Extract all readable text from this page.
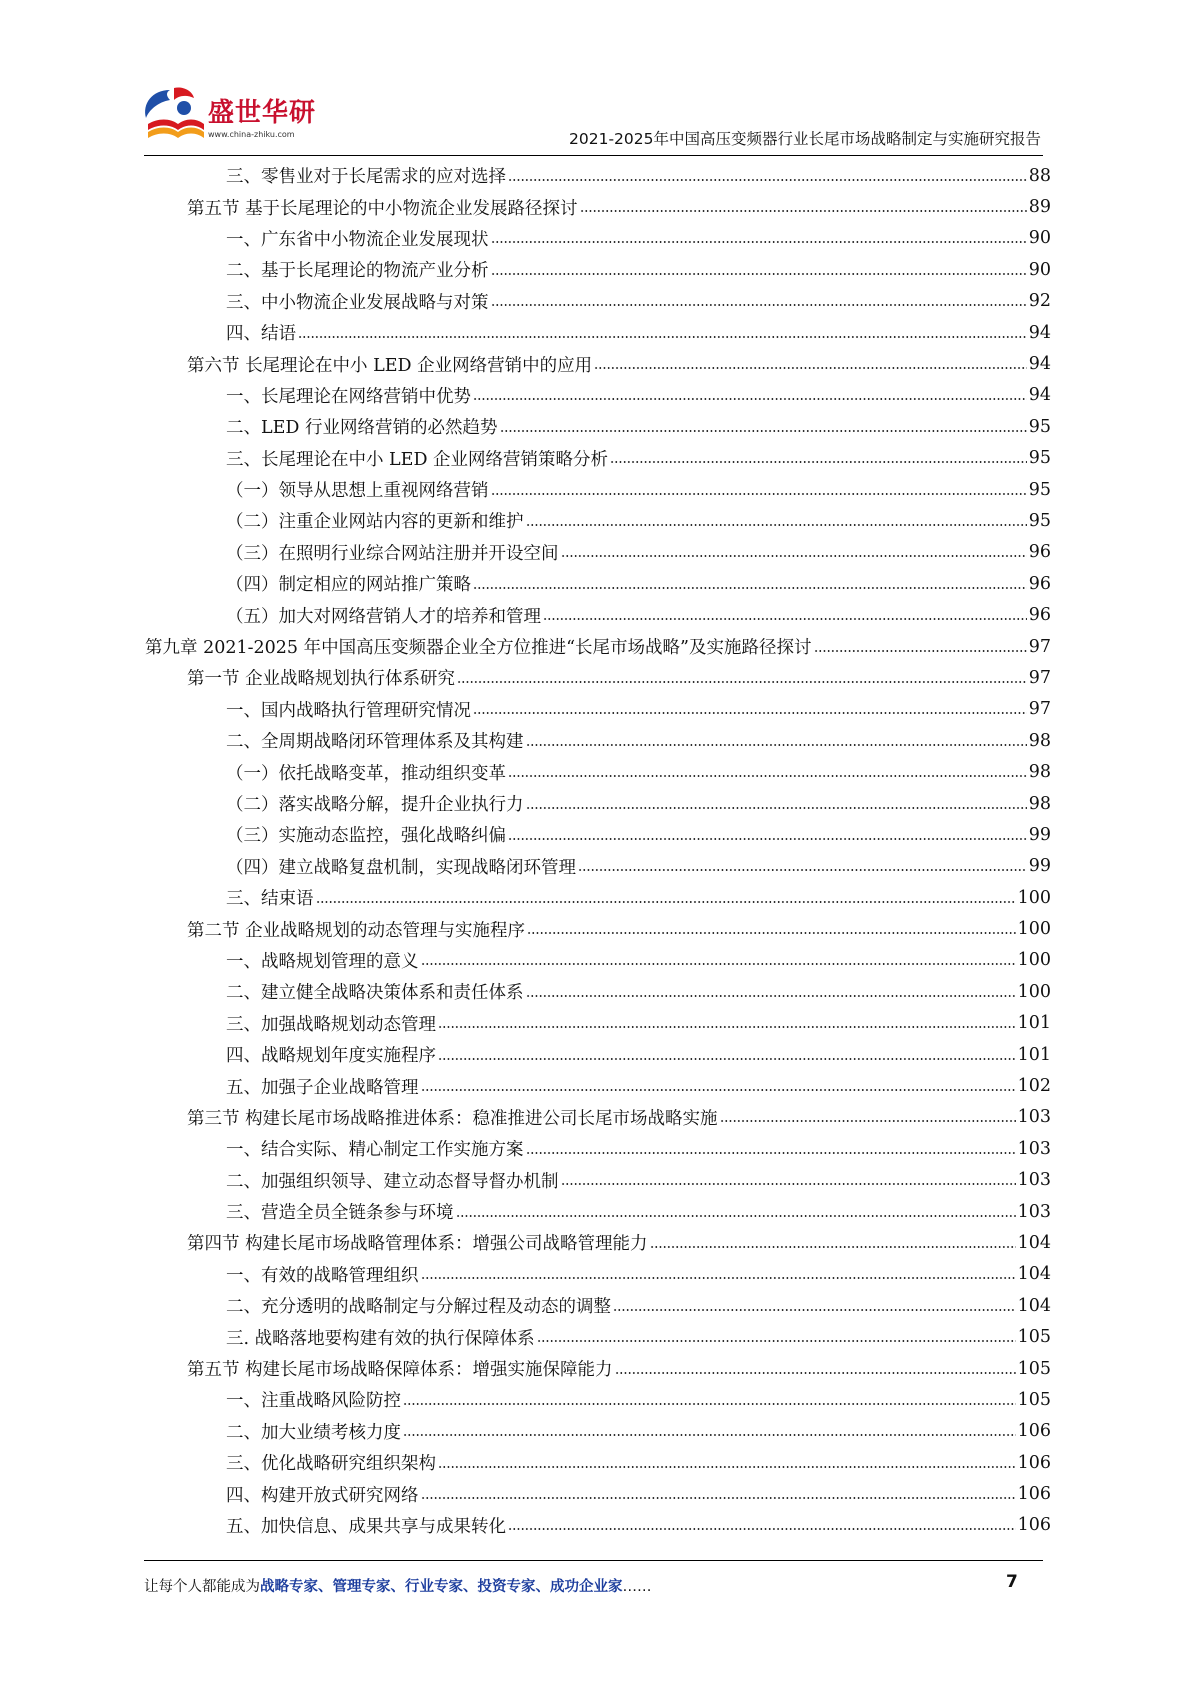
盛世华研
www.china-zhiku.com	2021-2025年中国高压变频器行业长尾市场战略制定与实施研究报告
三、零售业对于长尾需求的应对选择	88
第五节 基于长尾理论的中小物流企业发展路径探讨	89
一、广东省中小物流企业发展现状	90
二、基于长尾理论的物流产业分析	90
三、中小物流企业发展战略与对策	92
四、结语	94
第六节 长尾理论在中小 LED 企业网络营销中的应用	94
一、长尾理论在网络营销中优势	94
二、LED 行业网络营销的必然趋势	95
三、长尾理论在中小 LED 企业网络营销策略分析	95
（一）领导从思想上重视网络营销	95
（二）注重企业网站内容的更新和维护	95
（三）在照明行业综合网站注册并开设空间	96
（四）制定相应的网站推广策略	96
（五）加大对网络营销人才的培养和管理	96
第九章 2021-2025 年中国高压变频器企业全方位推进“长尾市场战略”及实施路径探讨	97
第一节 企业战略规划执行体系研究	97
一、国内战略执行管理研究情况	97
二、全周期战略闭环管理体系及其构建	98
（一）依托战略变革，推动组织变革	98
（二）落实战略分解，提升企业执行力	98
（三）实施动态监控，强化战略纠偏	99
（四）建立战略复盘机制，实现战略闭环管理	99
三、结束语	100
第二节 企业战略规划的动态管理与实施程序	100
一、战略规划管理的意义	100
二、建立健全战略决策体系和责任体系	100
三、加强战略规划动态管理	101
四、战略规划年度实施程序	101
五、加强子企业战略管理	102
第三节 构建长尾市场战略推进体系：稳准推进公司长尾市场战略实施	103
一、结合实际、精心制定工作实施方案	103
二、加强组织领导、建立动态督导督办机制	103
三、营造全员全链条参与环境	103
第四节 构建长尾市场战略管理体系：增强公司战略管理能力	104
一、有效的战略管理组织	104
二、充分透明的战略制定与分解过程及动态的调整	104
三. 战略落地要构建有效的执行保障体系	105
第五节 构建长尾市场战略保障体系：增强实施保障能力	105
一、注重战略风险防控	105
二、加大业绩考核力度	106
三、优化战略研究组织架构	106
四、构建开放式研究网络	106
五、加快信息、成果共享与成果转化	106
让每个人都能成为战略专家、管理专家、行业专家、投资专家、成功企业家……	7
